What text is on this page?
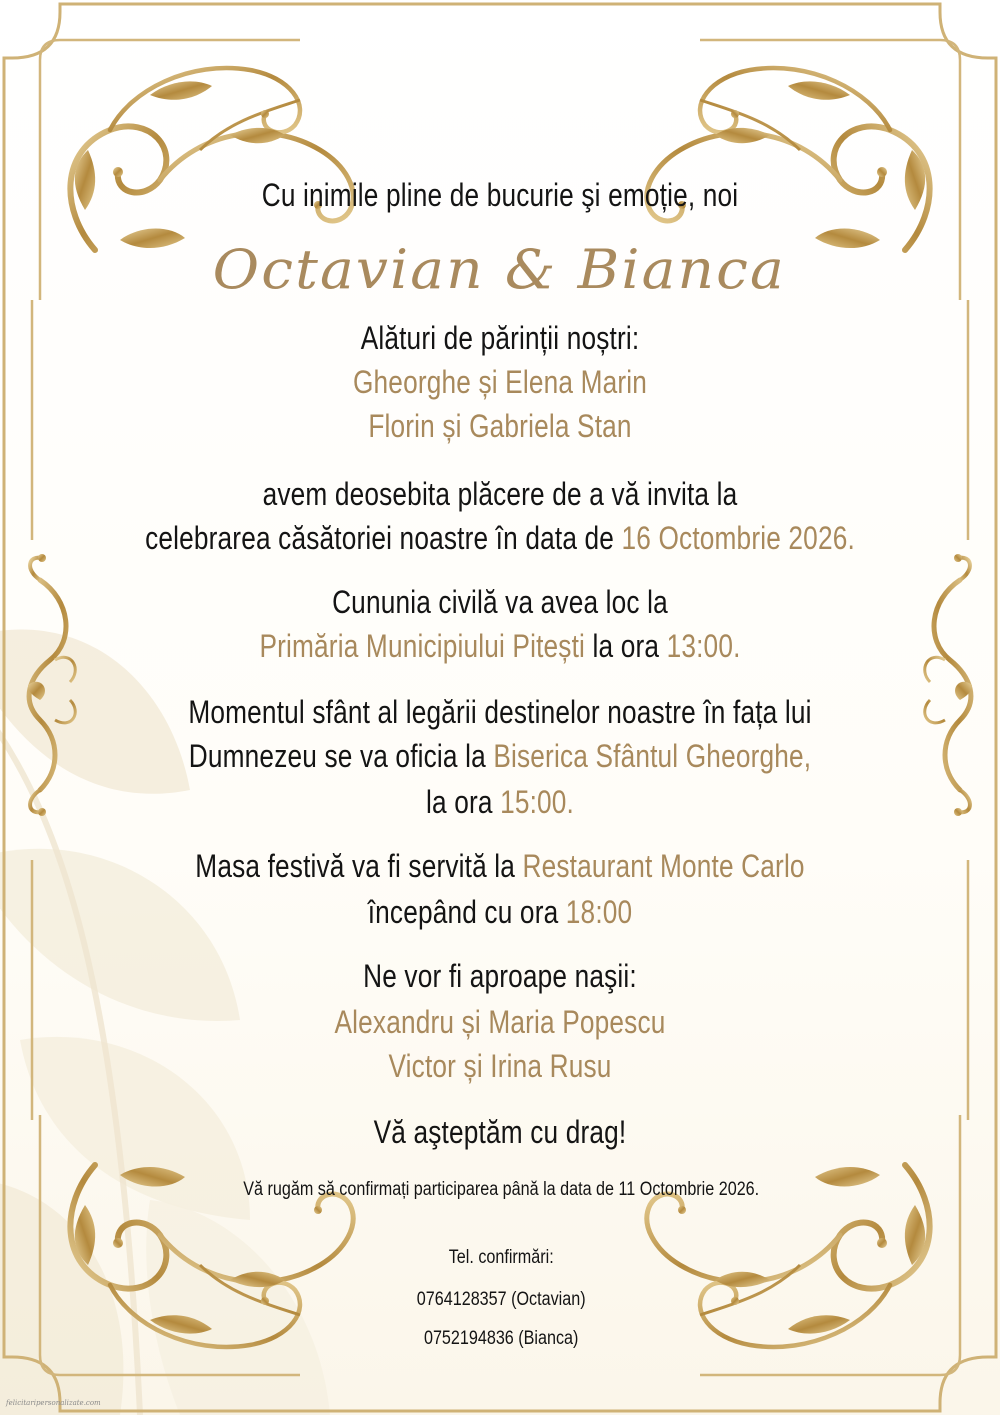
Cu inimile pline de bucurie şi emoție, noi
Octavian & Bianca
Alături de părinții noștri:
Gheorghe și Elena Marin
Florin și Gabriela Stan
avem deosebita plăcere de a vă invita la
celebrarea căsătoriei noastre în data de 16 Octombrie 2026.
Cununia civilă va avea loc la
Primăria Municipiului Pitești la ora 13:00.
Momentul sfânt al legării destinelor noastre în fața lui
Dumnezeu se va oficia la Biserica Sfântul Gheorghe,
la ora 15:00.
Masa festivă va fi servită la Restaurant Monte Carlo
începând cu ora 18:00
Ne vor fi aproape naşii:
Alexandru și Maria Popescu
Victor și Irina Rusu
Vă aşteptăm cu drag!
Vă rugăm să confirmați participarea până la data de 11 Octombrie 2026.
Tel. confirmări:
0764128357 (Octavian)
0752194836 (Bianca)
felicitaripersonalizate.com
